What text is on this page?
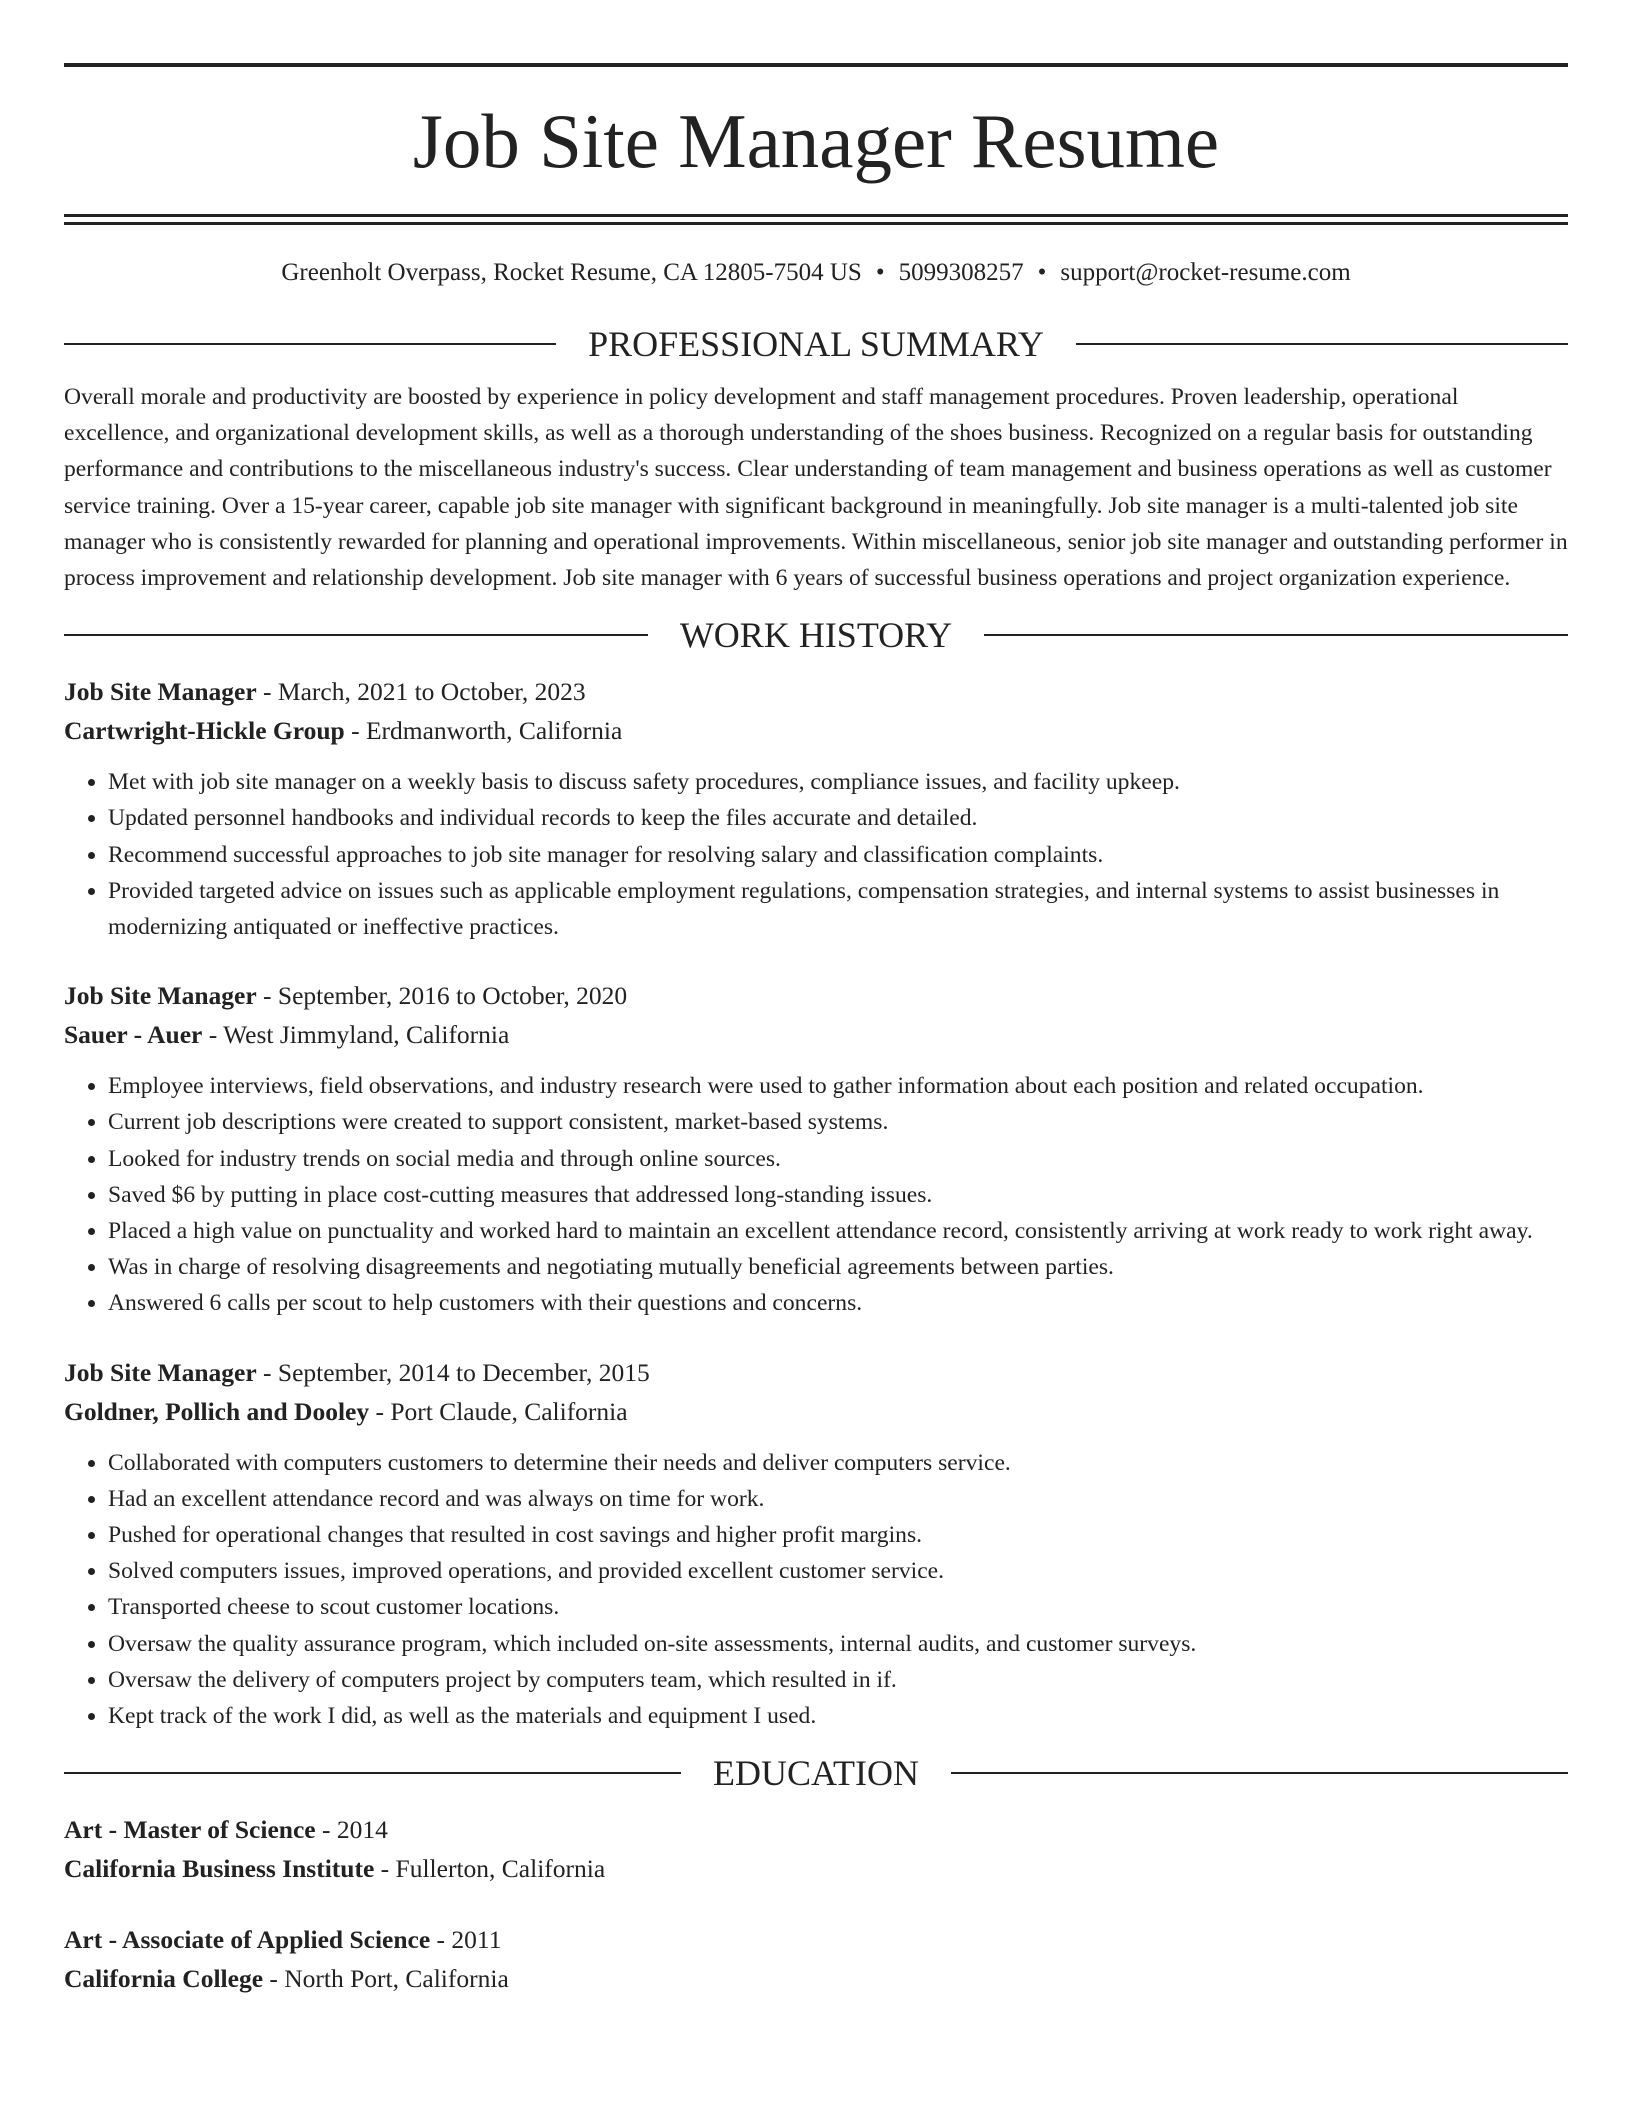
Job Site Manager Resume
Greenholt Overpass, Rocket Resume, CA 12805-7504 US • 5099308257 • support@rocket-resume.com
PROFESSIONAL SUMMARY

Overall morale and productivity are boosted by experience in policy development and staff management procedures. Proven leadership, operational excellence, and organizational development skills, as well as a thorough understanding of the shoes business. Recognized on a regular basis for outstanding performance and contributions to the miscellaneous industry's success. Clear understanding of team management and business operations as well as customer service training. Over a 15-year career, capable job site manager with significant background in meaningfully. Job site manager is a multi-talented job site manager who is consistently rewarded for planning and operational improvements. Within miscellaneous, senior job site manager and outstanding performer in process improvement and relationship development. Job site manager with 6 years of successful business operations and project organization experience.

WORK HISTORY
Job Site Manager - March, 2021 to October, 2023
Cartwright-Hickle Group - Erdmanworth, California
• Met with job site manager on a weekly basis to discuss safety procedures, compliance issues, and facility upkeep.
• Updated personnel handbooks and individual records to keep the files accurate and detailed.
• Recommend successful approaches to job site manager for resolving salary and classification complaints.
• Provided targeted advice on issues such as applicable employment regulations, compensation strategies, and internal systems to assist businesses in modernizing antiquated or ineffective practices.
Job Site Manager - September, 2016 to October, 2020
Sauer - Auer - West Jimmyland, California
• Employee interviews, field observations, and industry research were used to gather information about each position and related occupation.
• Current job descriptions were created to support consistent, market-based systems.
• Looked for industry trends on social media and through online sources.
• Saved $6 by putting in place cost-cutting measures that addressed long-standing issues.
• Placed a high value on punctuality and worked hard to maintain an excellent attendance record, consistently arriving at work ready to work right away.
• Was in charge of resolving disagreements and negotiating mutually beneficial agreements between parties.
• Answered 6 calls per scout to help customers with their questions and concerns.
Job Site Manager - September, 2014 to December, 2015
Goldner, Pollich and Dooley - Port Claude, California
• Collaborated with computers customers to determine their needs and deliver computers service.
• Had an excellent attendance record and was always on time for work.
• Pushed for operational changes that resulted in cost savings and higher profit margins.
• Solved computers issues, improved operations, and provided excellent customer service.
• Transported cheese to scout customer locations.
• Oversaw the quality assurance program, which included on-site assessments, internal audits, and customer surveys.
• Oversaw the delivery of computers project by computers team, which resulted in if.
• Kept track of the work I did, as well as the materials and equipment I used.
EDUCATION
Art - Master of Science - 2014
California Business Institute - Fullerton, California
Art - Associate of Applied Science - 2011
California College - North Port, California
